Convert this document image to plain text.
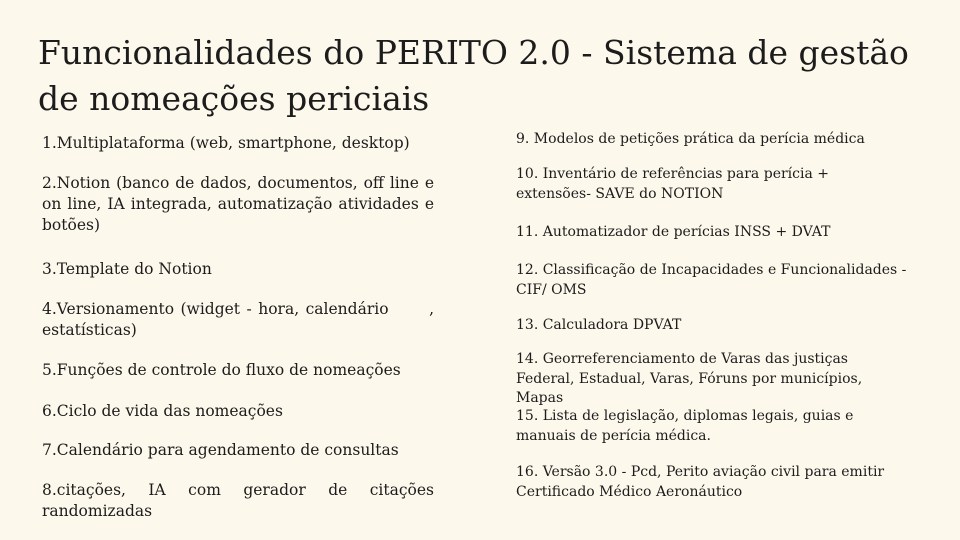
Funcionalidades do PERITO 2.0 - Sistema de gestão de nomeações periciais
1.Multiplataforma (web, smartphone, desktop)
2.Notion (banco de dados, documentos, off line e on line, IA integrada, automatização atividades e botões)
3.Template do Notion
4.Versionamento (widget - hora, calendário ⠀⠀⠀, estatísticas)
5.Funções de controle do fluxo de nomeações
6.Ciclo de vida das nomeações
7.Calendário para agendamento de consultas
8.citações, IA com gerador de citações randomizadas
9. Modelos de petições prática da perícia médica
10. Inventário de referências para perícia + extensões- SAVE do NOTION
11. Automatizador de perícias INSS + DVAT
12. Classificação de Incapacidades e Funcionalidades - CIF/ OMS
13. Calculadora DPVAT
14. Georreferenciamento de Varas das justiças Federal, Estadual, Varas, Fóruns por municípios, Mapas
15. Lista de legislação, diplomas legais, guias e manuais de perícia médica.
16. Versão 3.0 - Pcd, Perito aviação civil para emitir Certificado Médico Aeronáutico
